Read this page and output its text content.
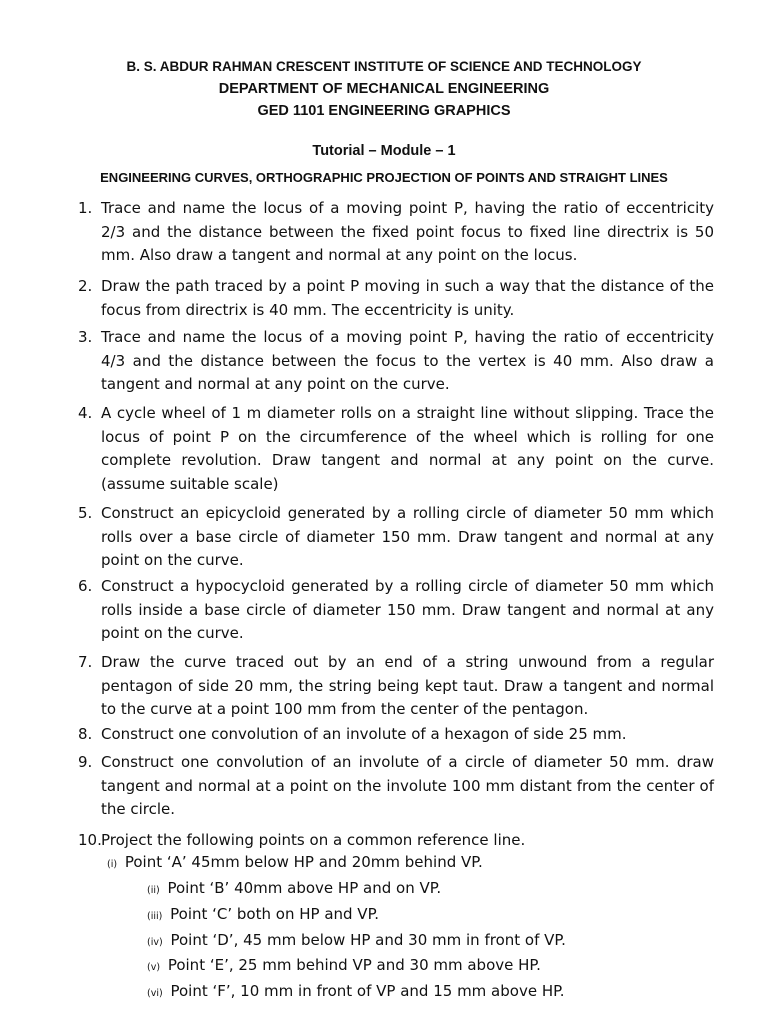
B. S. ABDUR RAHMAN CRESCENT INSTITUTE OF SCIENCE AND TECHNOLOGY
DEPARTMENT OF MECHANICAL ENGINEERING
GED 1101 ENGINEERING GRAPHICS
Tutorial – Module – 1
ENGINEERING CURVES, ORTHOGRAPHIC PROJECTION OF POINTS AND STRAIGHT LINES
1. Trace and name the locus of a moving point P, having the ratio of eccentricity 2/3 and the distance between the fixed point focus to fixed line directrix is 50 mm. Also draw a tangent and normal at any point on the locus.
2. Draw the path traced by a point P moving in such a way that the distance of the focus from directrix is 40 mm. The eccentricity is unity.
3. Trace and name the locus of a moving point P, having the ratio of eccentricity 4/3 and the distance between the focus to the vertex is 40 mm. Also draw a tangent and normal at any point on the curve.
4. A cycle wheel of 1 m diameter rolls on a straight line without slipping. Trace the locus of point P on the circumference of the wheel which is rolling for one complete revolution. Draw tangent and normal at any point on the curve. (assume suitable scale)
5. Construct an epicycloid generated by a rolling circle of diameter 50 mm which rolls over a base circle of diameter 150 mm. Draw tangent and normal at any point on the curve.
6. Construct a hypocycloid generated by a rolling circle of diameter 50 mm which rolls inside a base circle of diameter 150 mm. Draw tangent and normal at any point on the curve.
7. Draw the curve traced out by an end of a string unwound from a regular pentagon of side 20 mm, the string being kept taut. Draw a tangent and normal to the curve at a point 100 mm from the center of the pentagon.
8. Construct one convolution of an involute of a hexagon of side 25 mm.
9. Construct one convolution of an involute of a circle of diameter 50 mm. draw tangent and normal at a point on the involute 100 mm distant from the center of the circle.
10. Project the following points on a common reference line.
(i) Point ‘A’ 45mm below HP and 20mm behind VP.
(ii) Point ‘B’ 40mm above HP and on VP.
(iii) Point ‘C’ both on HP and VP.
(iv) Point ‘D’, 45 mm below HP and 30 mm in front of VP.
(v) Point ‘E’, 25 mm behind VP and 30 mm above HP.
(vi) Point ‘F’, 10 mm in front of VP and 15 mm above HP.
